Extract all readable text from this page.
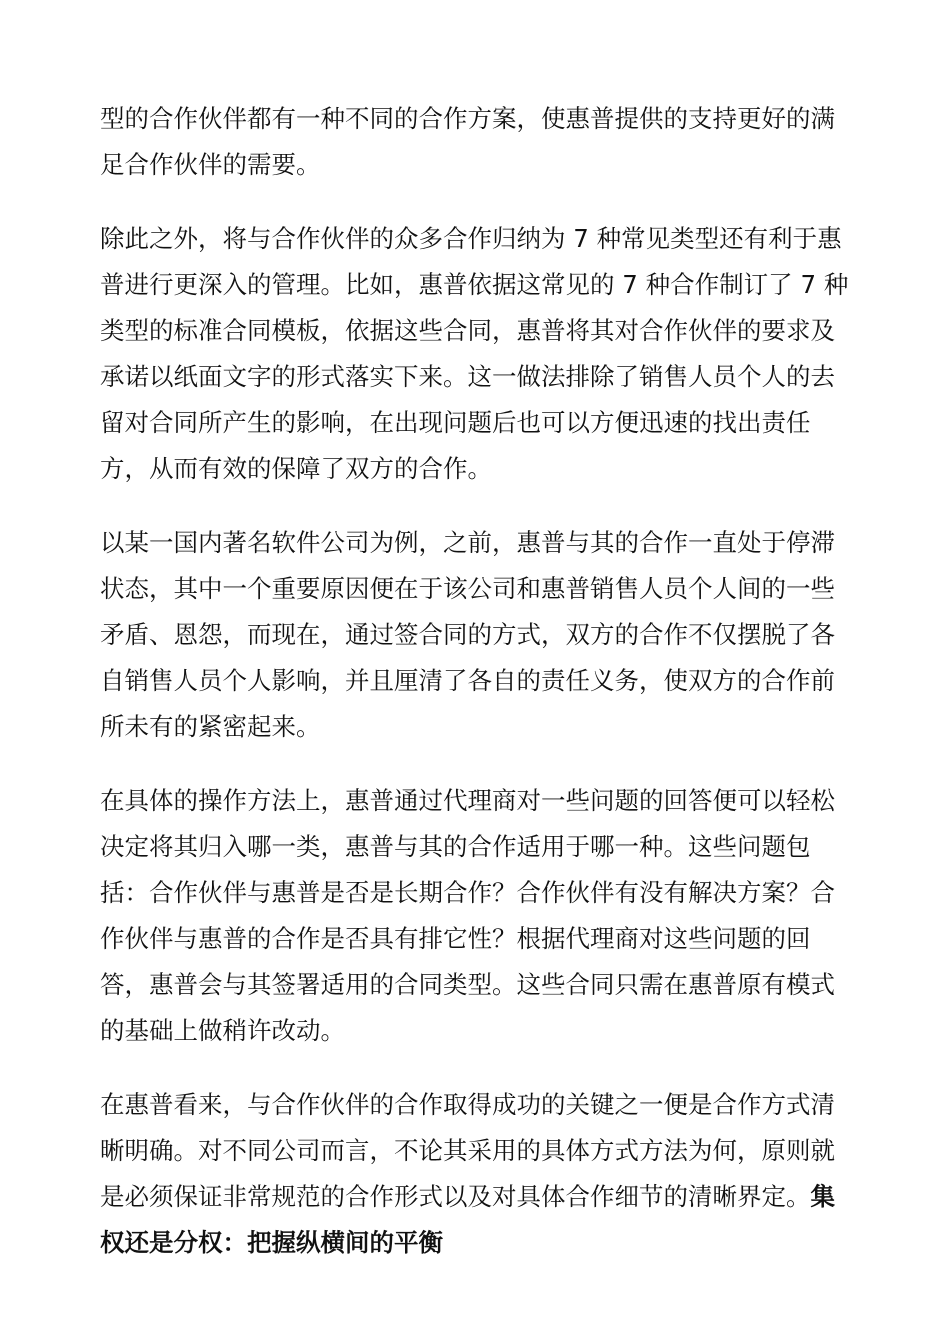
型的合作伙伴都有一种不同的合作方案，使惠普提供的支持更好的满足合作伙伴的需要。

除此之外，将与合作伙伴的众多合作归纳为 7 种常见类型还有利于惠普进行更深入的管理。比如，惠普依据这常见的 7 种合作制订了 7 种类型的标准合同模板，依据这些合同，惠普将其对合作伙伴的要求及承诺以纸面文字的形式落实下来。这一做法排除了销售人员个人的去留对合同所产生的影响，在出现问题后也可以方便迅速的找出责任方，从而有效的保障了双方的合作。

以某一国内著名软件公司为例，之前，惠普与其的合作一直处于停滞状态，其中一个重要原因便在于该公司和惠普销售人员个人间的一些矛盾、恩怨，而现在，通过签合同的方式，双方的合作不仅摆脱了各自销售人员个人影响，并且厘清了各自的责任义务，使双方的合作前所未有的紧密起来。

在具体的操作方法上，惠普通过代理商对一些问题的回答便可以轻松决定将其归入哪一类，惠普与其的合作适用于哪一种。这些问题包括：合作伙伴与惠普是否是长期合作？合作伙伴有没有解决方案？合作伙伴与惠普的合作是否具有排它性？根据代理商对这些问题的回答，惠普会与其签署适用的合同类型。这些合同只需在惠普原有模式的基础上做稍许改动。

在惠普看来，与合作伙伴的合作取得成功的关键之一便是合作方式清晰明确。对不同公司而言，不论其采用的具体方式方法为何，原则就是必须保证非常规范的合作形式以及对具体合作细节的清晰界定。集权还是分权：把握纵横间的平衡
